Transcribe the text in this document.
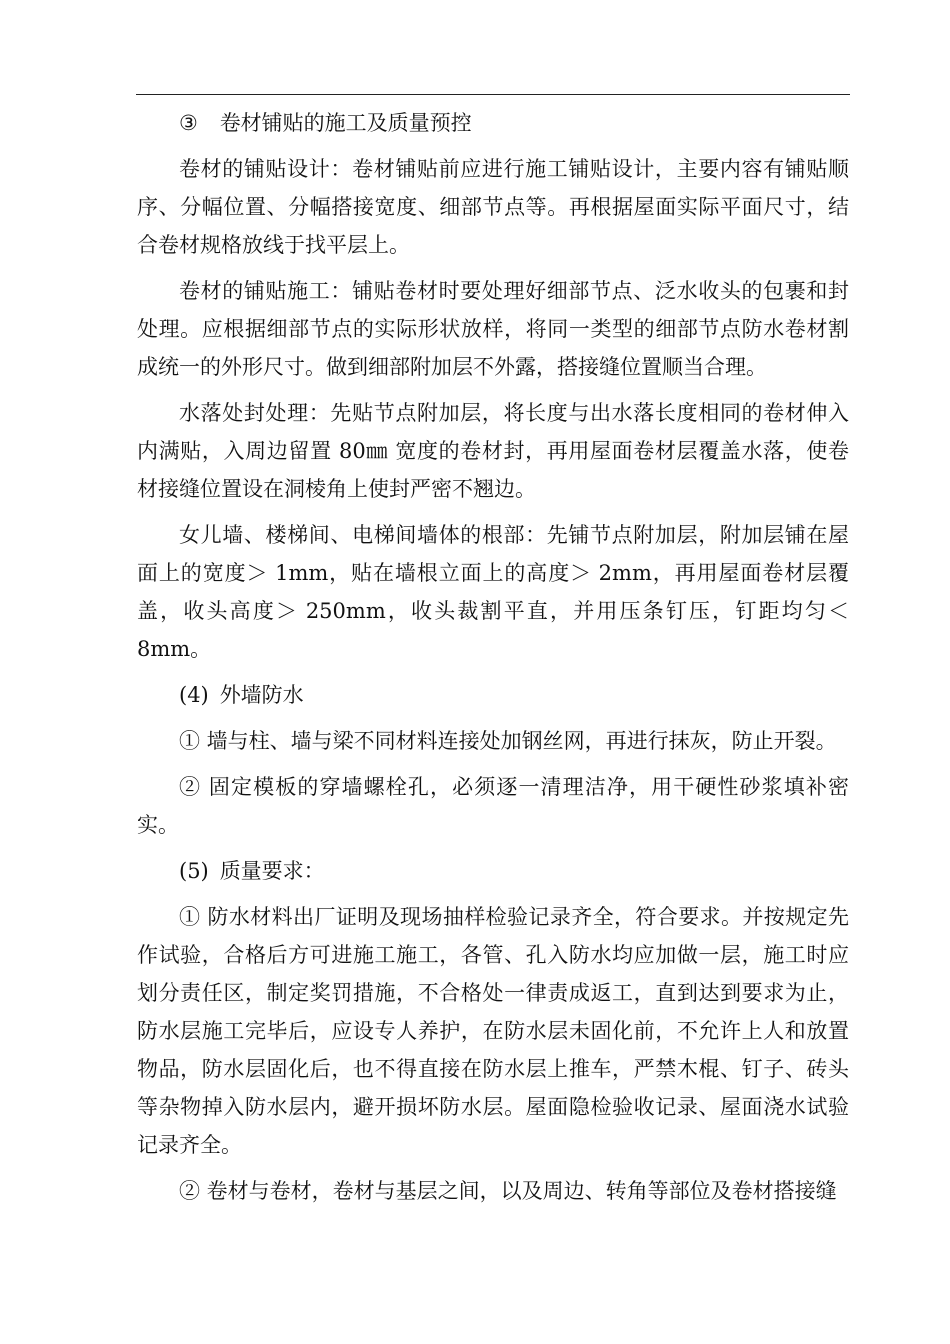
③ 卷材铺贴的施工及质量预控

卷材的铺贴设计：卷材铺贴前应进行施工铺贴设计，主要内容有铺贴顺序、分幅位置、分幅搭接宽度、细部节点等。再根据屋面实际平面尺寸，结合卷材规格放线于找平层上。

卷材的铺贴施工：铺贴卷材时要处理好细部节点、泛水收头的包裹和封处理。应根据细部节点的实际形状放样，将同一类型的细部节点防水卷材割成统一的外形尺寸。做到细部附加层不外露，搭接缝位置顺当合理。

水落处封处理：先贴节点附加层，将长度与出水落长度相同的卷材伸入内满贴，入周边留置 80㎜ 宽度的卷材封，再用屋面卷材层覆盖水落，使卷材接缝位置设在洞棱角上使封严密不翘边。

女儿墙、楼梯间、电梯间墙体的根部：先铺节点附加层，附加层铺在屋面上的宽度＞ 1mm，贴在墙根立面上的高度＞ 2mm，再用屋面卷材层覆盖，收头高度＞ 250mm，收头裁割平直，并用压条钉压，钉距均匀＜ 8mm。

(4) 外墙防水

① 墙与柱、墙与梁不同材料连接处加钢丝网，再进行抹灰，防止开裂。

② 固定模板的穿墙螺栓孔，必须逐一清理洁净，用干硬性砂浆填补密实。

(5) 质量要求：

① 防水材料出厂证明及现场抽样检验记录齐全，符合要求。并按规定先作试验，合格后方可进施工施工，各管、孔入防水均应加做一层，施工时应划分责任区，制定奖罚措施，不合格处一律责成返工，直到达到要求为止，防水层施工完毕后，应设专人养护，在防水层未固化前，不允许上人和放置物品，防水层固化后，也不得直接在防水层上推车，严禁木棍、钉子、砖头等杂物掉入防水层内，避开损坏防水层。屋面隐检验收记录、屋面浇水试验记录齐全。

② 卷材与卷材，卷材与基层之间，以及周边、转角等部位及卷材搭接缝
